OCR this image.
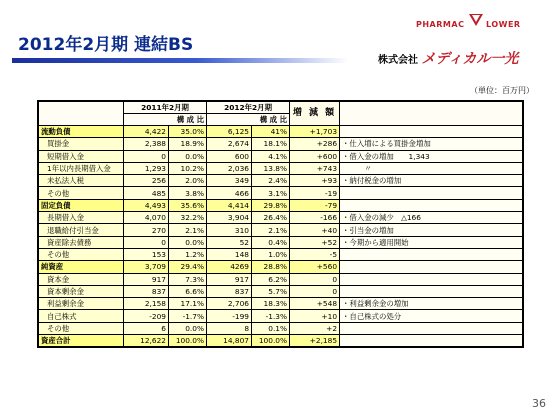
2012年2月期 連結BS
PHARMAC	LOWER
株式会社 メディカル一光
（単位：百万円）
	2011年2月期		2012年2月期		増 減 額	
	構 成 比		構 成 比			
流動負債	4,422	35.0%	6,125	41%	+1,703	
買掛金	2,388	18.9%	2,674	18.1%	+286	・仕入増による買掛金増加
短期借入金	0	0.0%	600	4.1%	+600	・借入金の増加　　1,343
1年以内長期借入金	1,293	10.2%	2,036	13.8%	+743	　　　〃
未払法人税	256	2.0%	349	2.4%	+93	・納付税金の増加
その他	485	3.8%	466	3.1%	-19	
固定負債	4,493	35.6%	4,414	29.8%	-79	
長期借入金	4,070	32.2%	3,904	26.4%	-166	・借入金の減少　△166
退職給付引当金	270	2.1%	310	2.1%	+40	・引当金の増加
資産除去債務	0	0.0%	52	0.4%	+52	・今期から適用開始
その他	153	1.2%	148	1.0%	-5	
純資産	3,709	29.4%	4269	28.8%	+560	
資本金	917	7.3%	917	6.2%	0	
資本剰余金	837	6.6%	837	5.7%	0	
利益剰余金	2,158	17.1%	2,706	18.3%	+548	・利益剰余金の増加
自己株式	-209	-1.7%	-199	-1.3%	+10	・自己株式の処分
その他	6	0.0%	8	0.1%	+2	
資産合計	12,622	100.0%	14,807	100.0%	+2,185	
36
